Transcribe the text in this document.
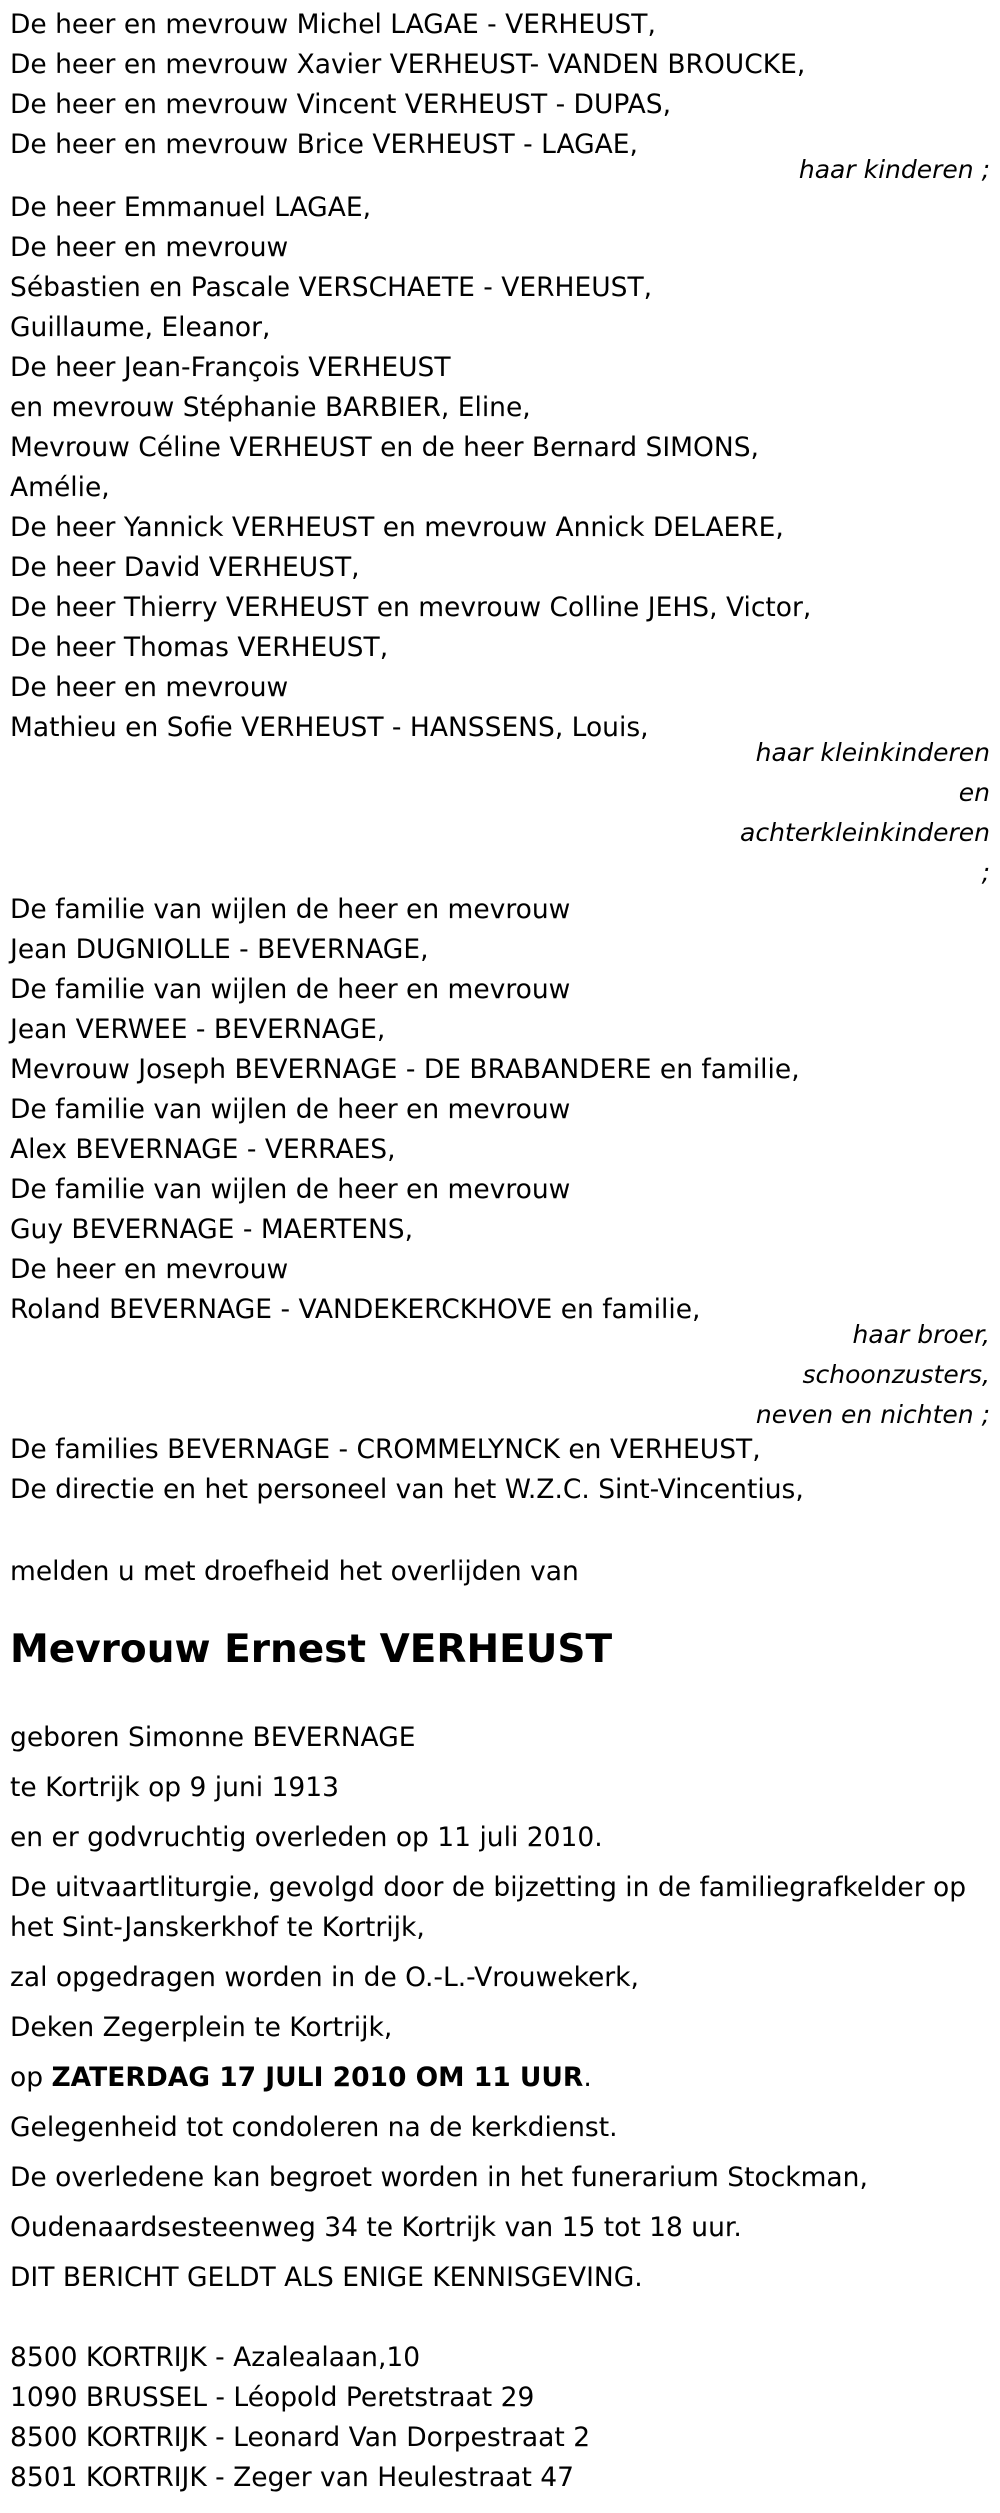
De heer en mevrouw Michel LAGAE - VERHEUST,
De heer en mevrouw Xavier VERHEUST- VANDEN BROUCKE,
De heer en mevrouw Vincent VERHEUST - DUPAS,
De heer en mevrouw Brice VERHEUST - LAGAE,
haar kinderen ;
De heer Emmanuel LAGAE,
De heer en mevrouw
Sébastien en Pascale VERSCHAETE - VERHEUST,
Guillaume, Eleanor,
De heer Jean-François VERHEUST
en mevrouw Stéphanie BARBIER, Eline,
Mevrouw Céline VERHEUST en de heer Bernard SIMONS,
Amélie,
De heer Yannick VERHEUST en mevrouw Annick DELAERE,
De heer David VERHEUST,
De heer Thierry VERHEUST en mevrouw Colline JEHS, Victor,
De heer Thomas VERHEUST,
De heer en mevrouw
Mathieu en Sofie VERHEUST - HANSSENS, Louis,
haar kleinkinderen
en
achterkleinkinderen
;
De familie van wijlen de heer en mevrouw
Jean DUGNIOLLE - BEVERNAGE,
De familie van wijlen de heer en mevrouw
Jean VERWEE - BEVERNAGE,
Mevrouw Joseph BEVERNAGE - DE BRABANDERE en familie,
De familie van wijlen de heer en mevrouw
Alex BEVERNAGE - VERRAES,
De familie van wijlen de heer en mevrouw
Guy BEVERNAGE - MAERTENS,
De heer en mevrouw
Roland BEVERNAGE - VANDEKERCKHOVE en familie,
haar broer,
schoonzusters,
neven en nichten ;
De families BEVERNAGE - CROMMELYNCK en VERHEUST,
De directie en het personeel van het W.Z.C. Sint-Vincentius,
melden u met droefheid het overlijden van
Mevrouw Ernest VERHEUST
geboren Simonne BEVERNAGE
te Kortrijk op 9 juni 1913
en er godvruchtig overleden op 11 juli 2010.
De uitvaartliturgie, gevolgd door de bijzetting in de familiegrafkelder op
het Sint-Janskerkhof te Kortrijk,
zal opgedragen worden in de O.-L.-Vrouwekerk,
Deken Zegerplein te Kortrijk,
op ZATERDAG 17 JULI 2010 OM 11 UUR.
Gelegenheid tot condoleren na de kerkdienst.
De overledene kan begroet worden in het funerarium Stockman,
Oudenaardsesteenweg 34 te Kortrijk van 15 tot 18 uur.
DIT BERICHT GELDT ALS ENIGE KENNISGEVING.
8500 KORTRIJK - Azalealaan,10
1090 BRUSSEL - Léopold Peretstraat 29
8500 KORTRIJK - Leonard Van Dorpestraat 2
8501 KORTRIJK - Zeger van Heulestraat 47
